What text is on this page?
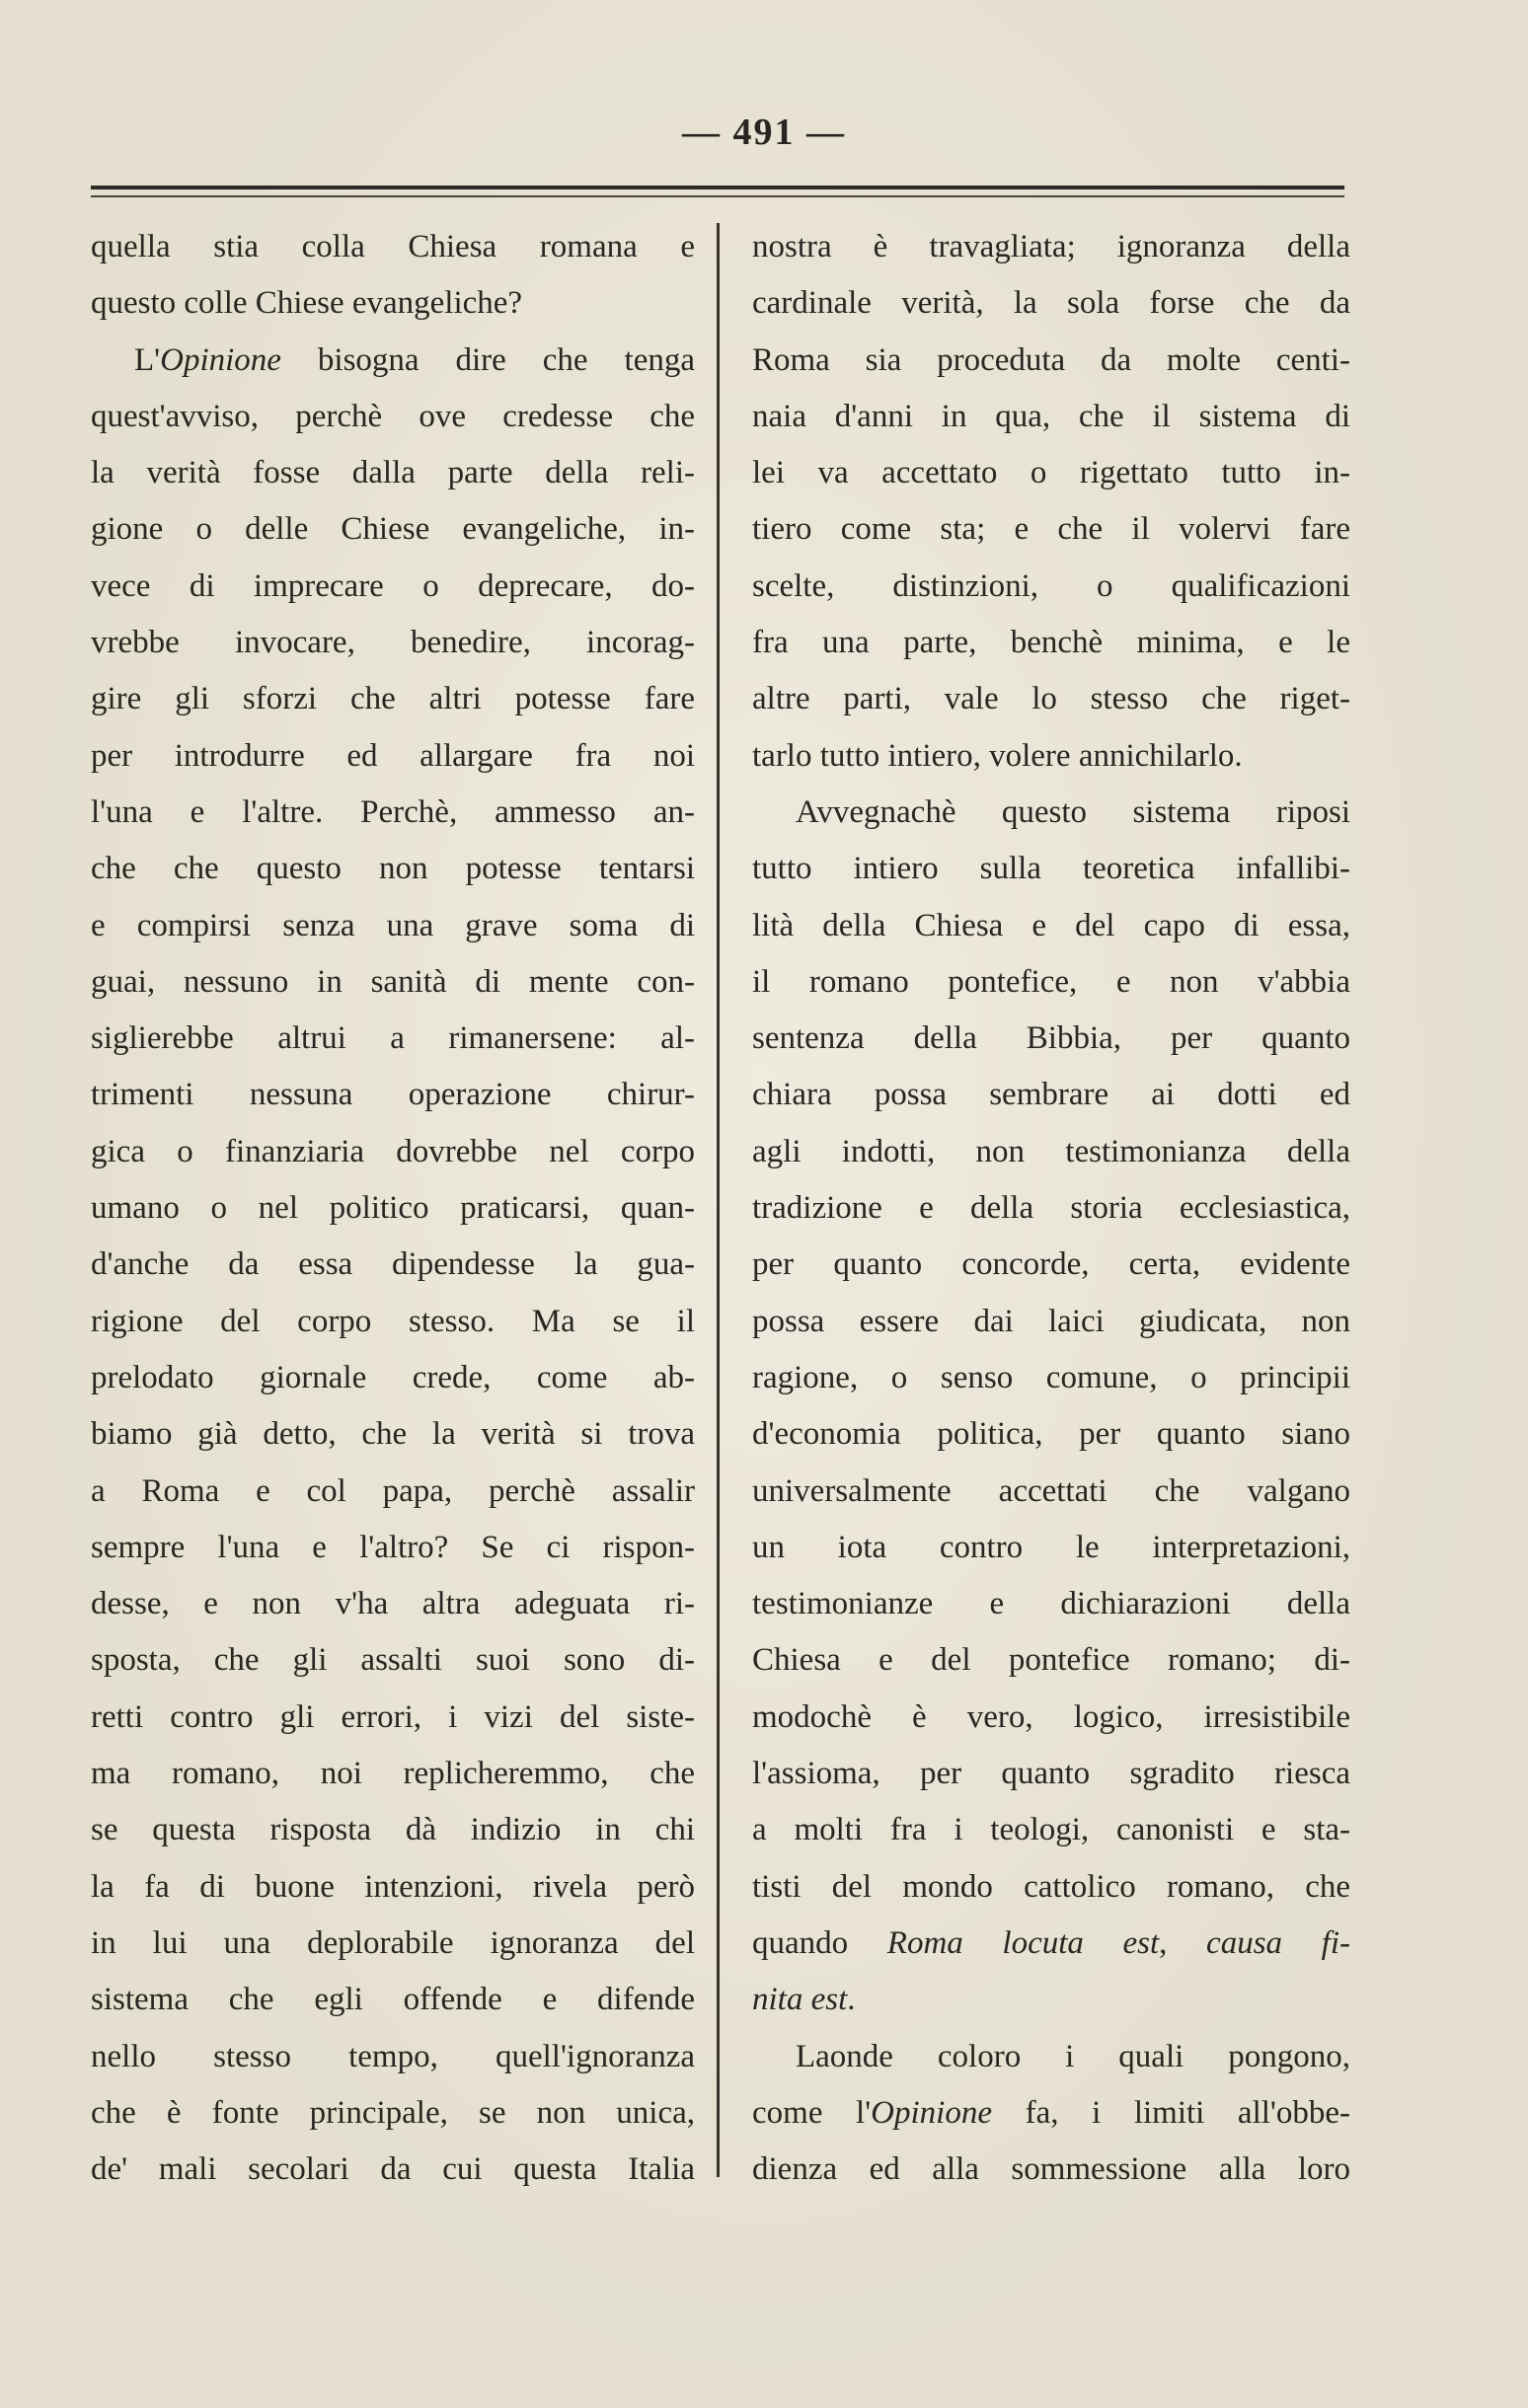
— 491 —
quella stia colla Chiesa romana e
questo colle Chiese evangeliche?
L'Opinione bisogna dire che tenga
quest'avviso, perchè ove credesse che
la verità fosse dalla parte della reli-
gione o delle Chiese evangeliche, in-
vece di imprecare o deprecare, do-
vrebbe invocare, benedire, incorag-
gire gli sforzi che altri potesse fare
per introdurre ed allargare fra noi
l'una e l'altre. Perchè, ammesso an-
che che questo non potesse tentarsi
e compirsi senza una grave soma di
guai, nessuno in sanità di mente con-
siglierebbe altrui a rimanersene: al-
trimenti nessuna operazione chirur-
gica o finanziaria dovrebbe nel corpo
umano o nel politico praticarsi, quan-
d'anche da essa dipendesse la gua-
rigione del corpo stesso. Ma se il
prelodato giornale crede, come ab-
biamo già detto, che la verità si trova
a Roma e col papa, perchè assalir
sempre l'una e l'altro? Se ci rispon-
desse, e non v'ha altra adeguata ri-
sposta, che gli assalti suoi sono di-
retti contro gli errori, i vizi del siste-
ma romano, noi replicheremmo, che
se questa risposta dà indizio in chi
la fa di buone intenzioni, rivela però
in lui una deplorabile ignoranza del
sistema che egli offende e difende
nello stesso tempo, quell'ignoranza
che è fonte principale, se non unica,
de' mali secolari da cui questa Italia
nostra è travagliata; ignoranza della
cardinale verità, la sola forse che da
Roma sia proceduta da molte centi-
naia d'anni in qua, che il sistema di
lei va accettato o rigettato tutto in-
tiero come sta; e che il volervi fare
scelte, distinzioni, o qualificazioni
fra una parte, benchè minima, e le
altre parti, vale lo stesso che riget-
tarlo tutto intiero, volere annichilarlo.
Avvegnachè questo sistema riposi
tutto intiero sulla teoretica infallibi-
lità della Chiesa e del capo di essa,
il romano pontefice, e non v'abbia
sentenza della Bibbia, per quanto
chiara possa sembrare ai dotti ed
agli indotti, non testimonianza della
tradizione e della storia ecclesiastica,
per quanto concorde, certa, evidente
possa essere dai laici giudicata, non
ragione, o senso comune, o principii
d'economia politica, per quanto siano
universalmente accettati che valgano
un iota contro le interpretazioni,
testimonianze e dichiarazioni della
Chiesa e del pontefice romano; di-
modochè è vero, logico, irresistibile
l'assioma, per quanto sgradito riesca
a molti fra i teologi, canonisti e sta-
tisti del mondo cattolico romano, che
quando Roma locuta est, causa fi-
nita est.
Laonde coloro i quali pongono,
come l'Opinione fa, i limiti all'obbe-
dienza ed alla sommessione alla loro
